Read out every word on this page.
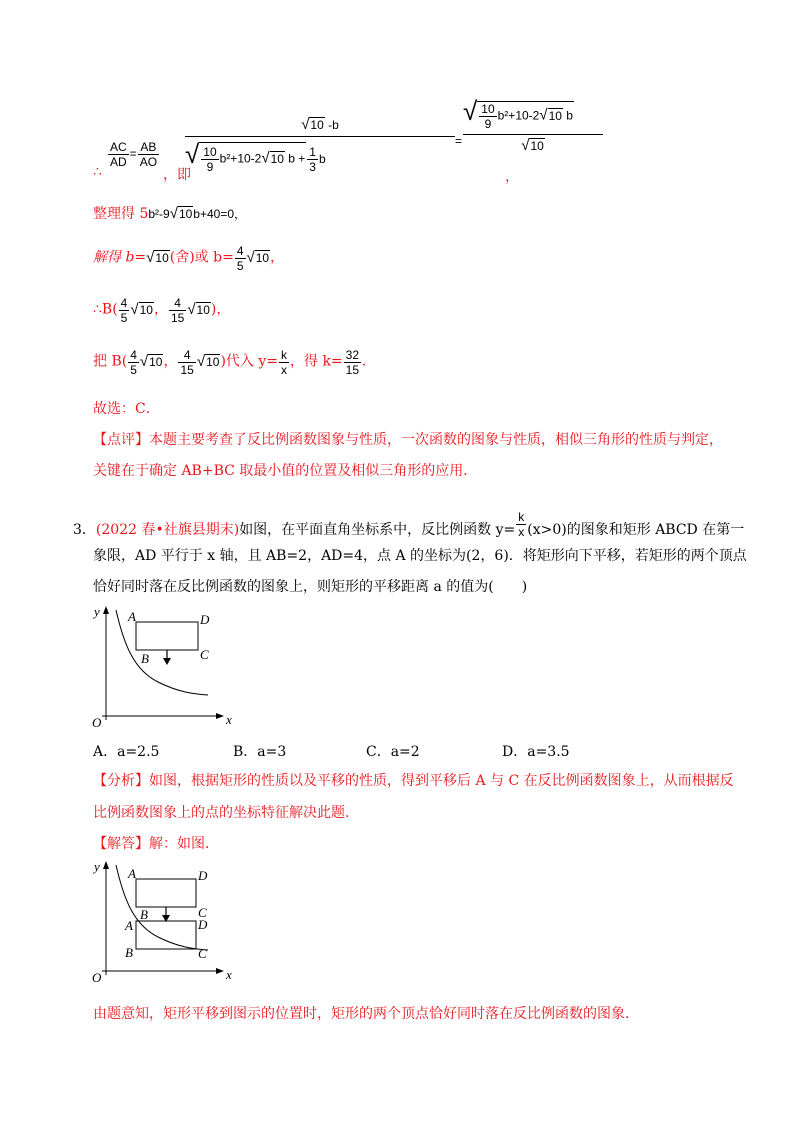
∴
$\frac{AC}{AD} = \frac{AB}{AO}$
，即
√10 -b
√ $\frac{10}{9} b^2+10-2√10$ $b + \frac{1}{3}$ b
=
√ $\frac{10}{9} b^2+10-2√10$ b
√10
，
整理得 5b²-9√10b+40=0，
解得 b=√10(舍)或 $b= \frac{4}{5} √10$，
∴B( $\frac{4}{5} √10$， $\frac{4}{15} √10$)，
把 $B( \frac{4}{5} √10$， $\frac{4}{15} √10$)代入 $y= \frac{k}{x}$ ，得 $k= \frac{32}{15}$ ．
故选：C．
【点评】本题主要考查了反比例函数图象与性质，一次函数的图象与性质，相似三角形的性质与判定，
关键在于确定 AB+BC 取最小值的位置及相似三角形的应用．
3．(2022 春•社旗县期末)如图，在平面直角坐标系中，反比例函数 $y= \frac{k}{x} (x>0)$的图象和矩形 ABCD 在第一
象限，AD 平行于 x 轴，且 AB=2，AD=4，点 A 的坐标为(2，6)．将矩形向下平移，若矩形的两个顶点
恰好同时落在反比例函数的图象上，则矩形的平移距离 a 的值为(　　)
y
x
O
A	D
B	C
A．a=2.5	B．a=3	C．a=2	D．a=3.5
【分析】如图，根据矩形的性质以及平移的性质，得到平移后 A 与 C 在反比例函数图象上，从而根据反
比例函数图象上的点的坐标特征解决此题．
【解答】解：如图．
y
x
O
A	D
B	C
A	D
B	C
由题意知，矩形平移到图示的位置时，矩形的两个顶点恰好同时落在反比例函数的图象．
